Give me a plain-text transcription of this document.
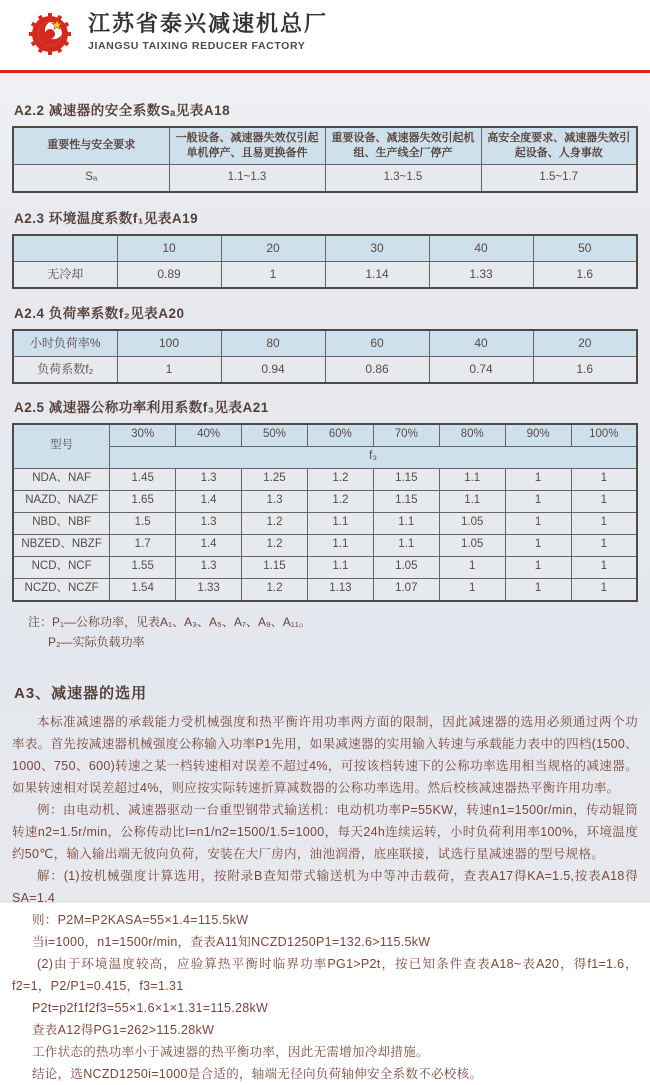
江苏省泰兴减速机总厂
JIANGSU TAIXING REDUCER FACTORY
A2.2 减速器的安全系数Sₐ见表A18
重要性与安全要求	一般设备、减速器失效仅引起单机停产、且易更换备件	重要设备、减速器失效引起机组、生产线全厂停产	高安全度要求、减速器失效引起设备、人身事故
Sₐ	1.1~1.3	1.3~1.5	1.5~1.7
A2.3 环境温度系数f₁见表A19
	10	20	30	40	50
无冷却	0.89	1	1.14	1.33	1.6
A2.4 负荷率系数f₂见表A20
小时负荷率%	100	80	60	40	20
负荷系数f₂	1	0.94	0.86	0.74	1.6
A2.5 减速器公称功率利用系数f₃见表A21
型号	30%	40%	50%	60%	70%	80%	90%	100%
	f₃							
NDA、NAF	1.45	1.3	1.25	1.2	1.15	1.1	1	1
NAZD、NAZF	1.65	1.4	1.3	1.2	1.15	1.1	1	1
NBD、NBF	1.5	1.3	1.2	1.1	1.1	1.05	1	1
NBZED、NBZF	1.7	1.4	1.2	1.1	1.1	1.05	1	1
NCD、NCF	1.55	1.3	1.15	1.1	1.05	1	1	1
NCZD、NCZF	1.54	1.33	1.2	1.13	1.07	1	1	1
注：P₁—公称功率，见表A₁、A₃、A₅、A₇、A₉、A₁₁。
P₂—实际负载功率
A3、减速器的选用

本标准减速器的承载能力受机械强度和热平衡许用功率两方面的限制，因此减速器的选用必须通过两个功率表。首先按减速器机械强度公称输入功率P1先用，如果减速器的实用输入转速与承载能力表中的四档(1500、1000、750、600)转速之某一档转速相对误差不超过4%，可按该档转速下的公称功率选用相当规格的减速器。如果转速相对误差超过4%，则应按实际转速折算减数器的公称功率选用。然后校核减速器热平衡许用功率。

例：由电动机、减速器驱动一台重型钢带式输送机：电动机功率P=55KW，转速n1=1500r/min，传动辊筒转速n2=1.5r/min，公称传动比I=n1/n2=1500/1.5=1000，每天24h连续运转，小时负荷利用率100%，环境温度约50℃，输入输出端无彼向负荷，安装在大厂房内，油池润滑，底座联接，试选行星减速器的型号规格。

解：(1)按机械强度计算选用，按附录B查知带式输送机为中等冲击载荷，查表A17得KA=1.5,按表A18得SA=1.4

则：P2M=P2KASA=55×1.4=115.5kW

当i=1000，n1=1500r/min，查表A11知NCZD1250P1=132.6>115.5kW

(2)由于环境温度较高，应验算热平衡时临界功率PG1>P2t，按已知条件查表A18~表A20，得f1=1.6，f2=1，P2/P1=0.415，f3=1.31

P2t=p2f1f2f3=55×1.6×1×1.31=115.28kW

查表A12得PG1=262>115.28kW

工作状态的热功率小于减速器的热平衡功率，因此无需增加冷却措施。

结论，选NCZD1250i=1000是合适的，轴端无径向负荷轴伸安全系数不必校核。
